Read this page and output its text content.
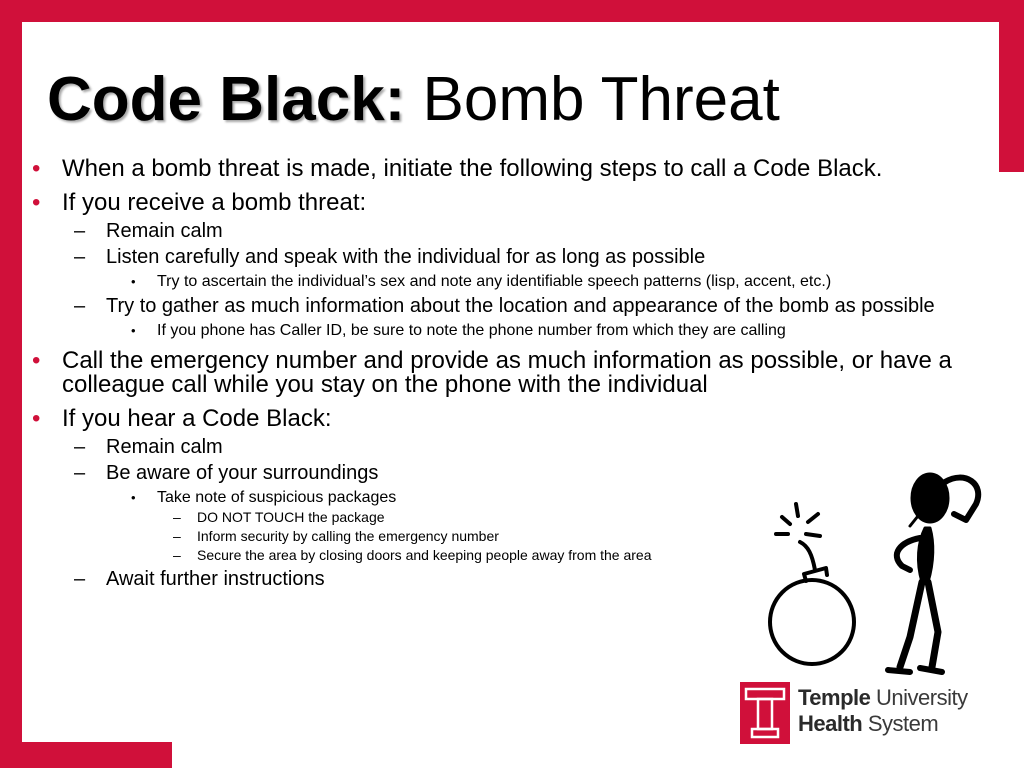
Code Black: Bomb Threat
• When a bomb threat is made, initiate the following steps to call a Code Black.
• If you receive a bomb threat:
– Remain calm
– Listen carefully and speak with the individual for as long as possible
• Try to ascertain the individual’s sex and note any identifiable speech patterns (lisp, accent, etc.)
– Try to gather as much information about the location and appearance of the bomb as possible
• If you phone has Caller ID, be sure to note the phone number from which they are calling
• Call the emergency number and provide as much information as possible, or have a colleague call while you stay on the phone with the individual
• If you hear a Code Black:
– Remain calm
– Be aware of your surroundings
• Take note of suspicious packages
– DO NOT TOUCH the package
– Inform security by calling the emergency number
– Secure the area by closing doors and keeping people away from the area
– Await further instructions
Temple University
Health System
